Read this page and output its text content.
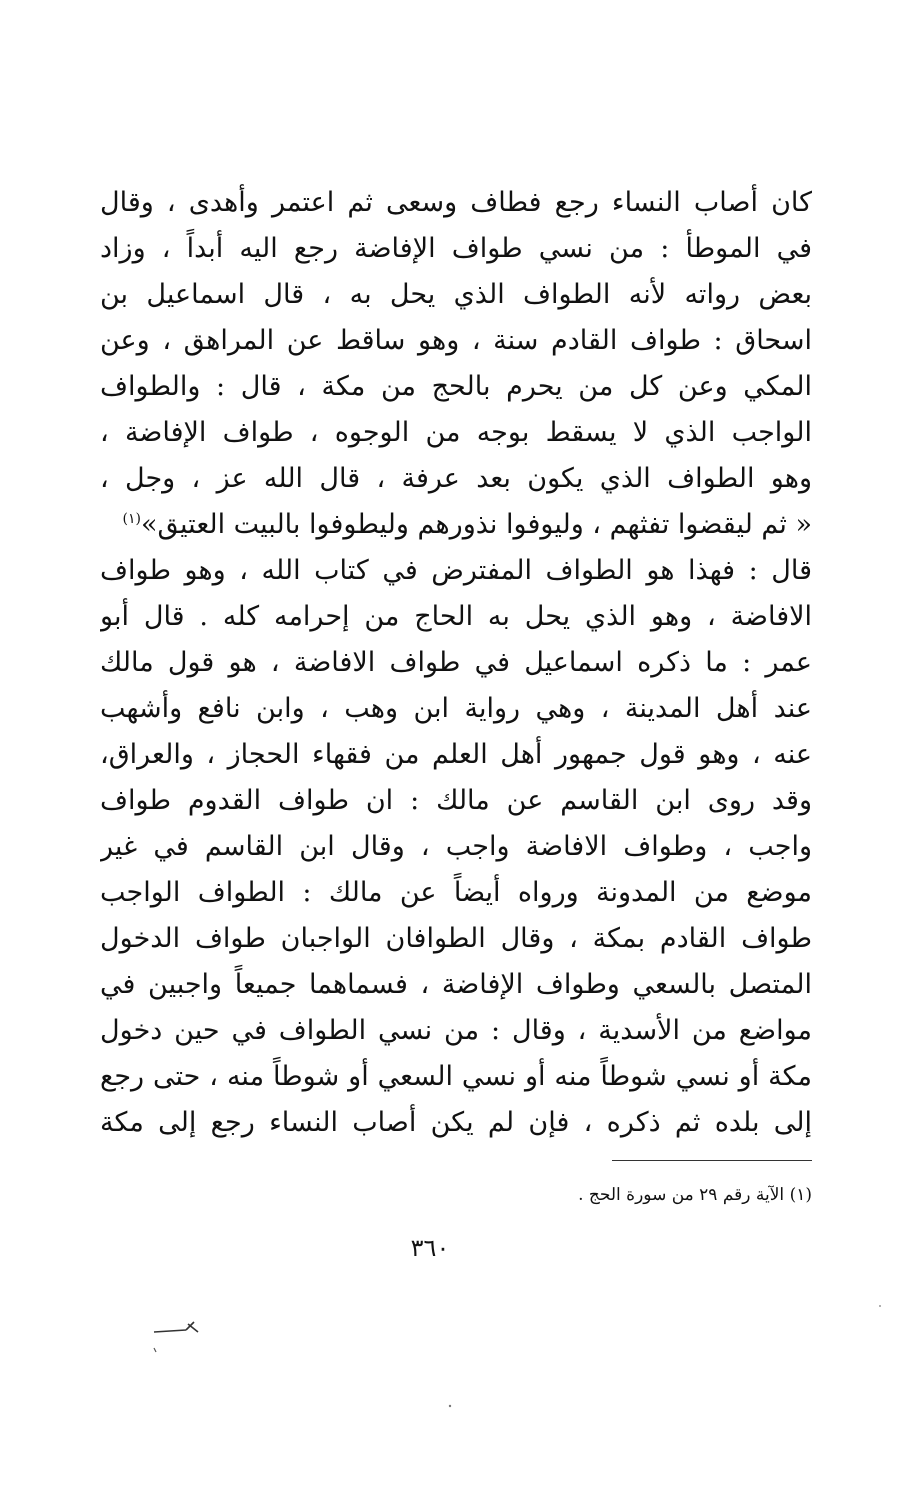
كان أصاب النساء رجع فطاف وسعى ثم اعتمر وأهدى ، وقال
في الموطأ : من نسي طواف الإفاضة رجع اليه أبداً ، وزاد
بعض رواته لأنه الطواف الذي يحل به ، قال اسماعيل بن
اسحاق : طواف القادم سنة ، وهو ساقط عن المراهق ، وعن
المكي وعن كل من يحرم بالحج من مكة ، قال : والطواف
الواجب الذي لا يسقط بوجه من الوجوه ، طواف الإفاضة ،
وهو الطواف الذي يكون بعد عرفة ، قال الله عز ، وجل ،
« ثم ليقضوا تفثهم ، وليوفوا نذورهم وليطوفوا بالبيت العتيق»$^{(١)}$
قال : فهذا هو الطواف المفترض في كتاب الله ، وهو طواف
الافاضة ، وهو الذي يحل به الحاج من إحرامه كله . قال أبو
عمر : ما ذكره اسماعيل في طواف الافاضة ، هو قول مالك
عند أهل المدينة ، وهي رواية ابن وهب ، وابن نافع وأشهب
عنه ، وهو قول جمهور أهل العلم من فقهاء الحجاز ، والعراق،
وقد روى ابن القاسم عن مالك : ان طواف القدوم طواف
واجب ، وطواف الافاضة واجب ، وقال ابن القاسم في غير
موضع من المدونة ورواه أيضاً عن مالك : الطواف الواجب
طواف القادم بمكة ، وقال الطوافان الواجبان طواف الدخول
المتصل بالسعي وطواف الإفاضة ، فسماهما جميعاً واجبين في
مواضع من الأسدية ، وقال : من نسي الطواف في حين دخول
مكة أو نسي شوطاً منه أو نسي السعي أو شوطاً منه ، حتى رجع
إلى بلده ثم ذكره ، فإن لم يكن أصاب النساء رجع إلى مكة
(١) الآية رقم ٢٩ من سورة الحج .
٣٦٠
